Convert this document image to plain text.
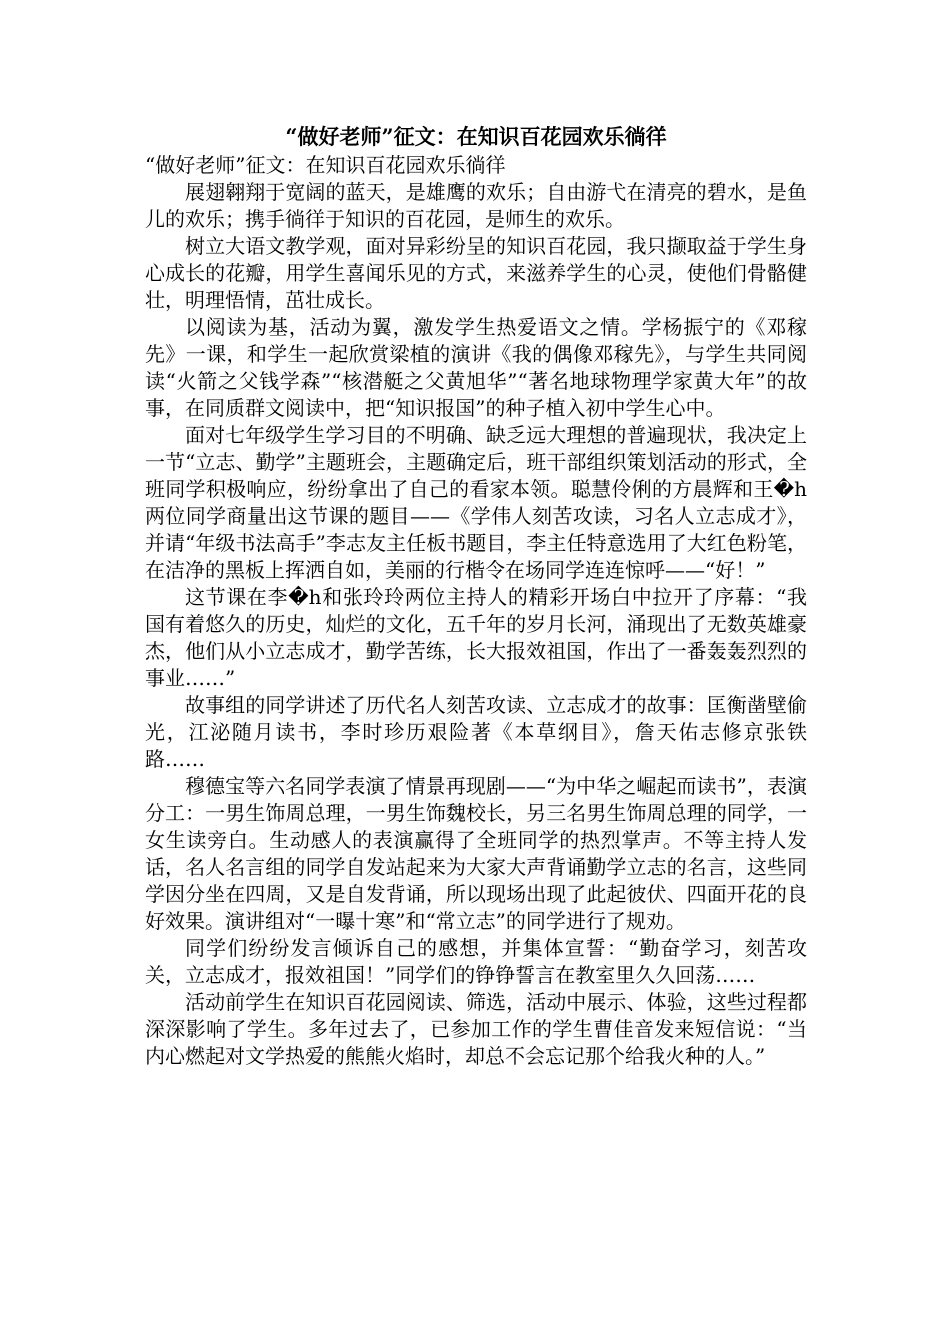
“做好老师”征文：在知识百花园欢乐徜徉

“做好老师”征文：在知识百花园欢乐徜徉

展翅翱翔于宽阔的蓝天，是雄鹰的欢乐；自由游弋在清亮的碧水，是鱼儿的欢乐；携手徜徉于知识的百花园，是师生的欢乐。

树立大语文教学观，面对异彩纷呈的知识百花园，我只撷取益于学生身心成长的花瓣，用学生喜闻乐见的方式，来滋养学生的心灵，使他们骨骼健壮，明理悟情，茁壮成长。

以阅读为基，活动为翼，激发学生热爱语文之情。学杨振宁的《邓稼先》一课，和学生一起欣赏梁植的演讲《我的偶像邓稼先》，与学生共同阅读“火箭之父钱学森”“核潜艇之父黄旭华”“著名地球物理学家黄大年”的故事，在同质群文阅读中，把“知识报国”的种子植入初中学生心中。

面对七年级学生学习目的不明确、缺乏远大理想的普遍现状，我决定上一节“立志、勤学”主题班会，主题确定后，班干部组织策划活动的形式，全班同学积极响应，纷纷拿出了自己的看家本领。聪慧伶俐的方晨辉和王�h两位同学商量出这节课的题目——《学伟人刻苦攻读，习名人立志成才》，并请“年级书法高手”李志友主任板书题目，李主任特意选用了大红色粉笔，在洁净的黑板上挥洒自如，美丽的行楷令在场同学连连惊呼——“好！”

这节课在李�h和张玲玲两位主持人的精彩开场白中拉开了序幕：“我国有着悠久的历史，灿烂的文化，五千年的岁月长河，涌现出了无数英雄豪杰，他们从小立志成才，勤学苦练，长大报效祖国，作出了一番轰轰烈烈的事业……”

故事组的同学讲述了历代名人刻苦攻读、立志成才的故事：匡衡凿壁偷光，江泌随月读书，李时珍历艰险著《本草纲目》，詹天佑志修京张铁路……

穆德宝等六名同学表演了情景再现剧——“为中华之崛起而读书”，表演分工：一男生饰周总理，一男生饰魏校长，另三名男生饰周总理的同学，一女生读旁白。生动感人的表演赢得了全班同学的热烈掌声。不等主持人发话，名人名言组的同学自发站起来为大家大声背诵勤学立志的名言，这些同学因分坐在四周，又是自发背诵，所以现场出现了此起彼伏、四面开花的良好效果。演讲组对“一曝十寒”和“常立志”的同学进行了规劝。

同学们纷纷发言倾诉自己的感想，并集体宣誓：“勤奋学习，刻苦攻关，立志成才，报效祖国！”同学们的铮铮誓言在教室里久久回荡……

活动前学生在知识百花园阅读、筛选，活动中展示、体验，这些过程都深深影响了学生。多年过去了，已参加工作的学生曹佳音发来短信说：“当内心燃起对文学热爱的熊熊火焰时，却总不会忘记那个给我火种的人。”
